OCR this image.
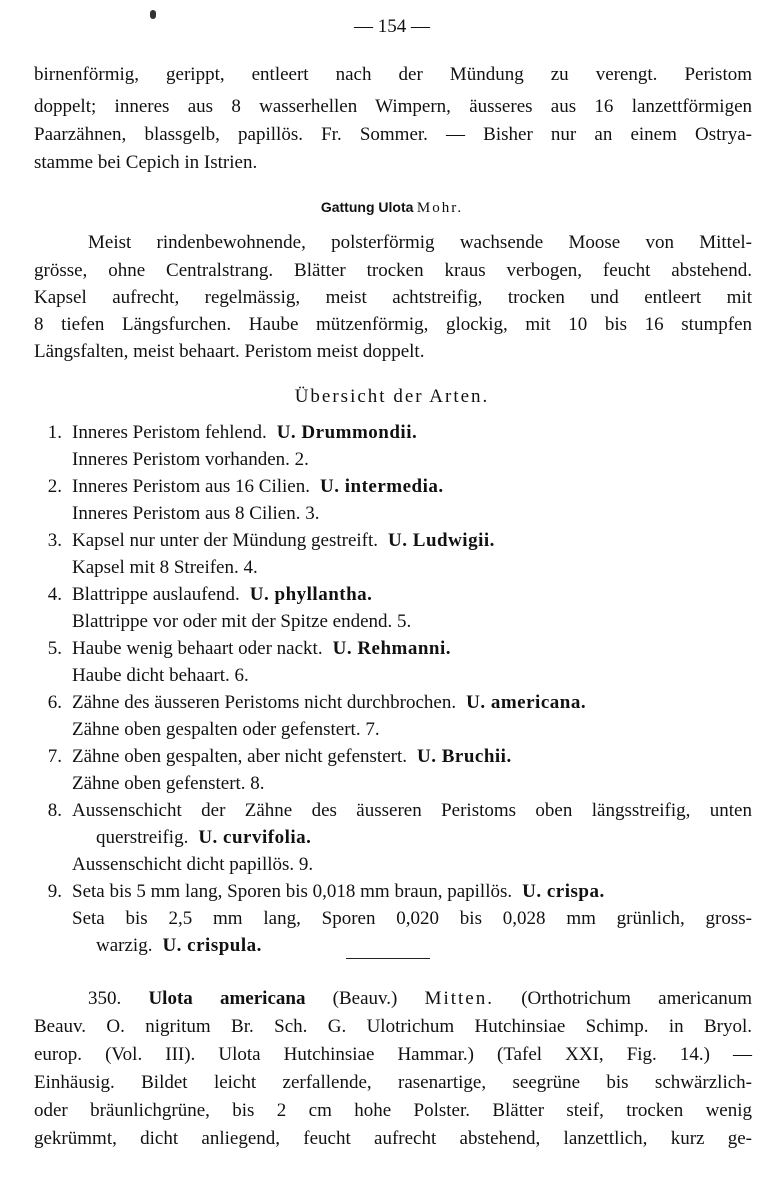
— 154 —
birnenförmig, gerippt, entleert nach der Mündung zu verengt. Peristom
doppelt; inneres aus 8 wasserhellen Wimpern, äusseres aus 16 lanzettförmigen
Paarzähnen, blassgelb, papillös. Fr. Sommer. — Bisher nur an einem Ostrya-
stamme bei Cepich in Istrien.
Gattung Ulota Mohr.
Meist rindenbewohnende, polsterförmig wachsende Moose von Mittel-
grösse, ohne Centralstrang. Blätter trocken kraus verbogen, feucht abstehend.
Kapsel aufrecht, regelmässig, meist achtstreifig, trocken und entleert mit
8 tiefen Längsfurchen. Haube mützenförmig, glockig, mit 10 bis 16 stumpfen
Längsfalten, meist behaart. Peristom meist doppelt.
Übersicht der Arten.
1. Inneres Peristom fehlend. U. Drummondii.
Inneres Peristom vorhanden. 2.
2. Inneres Peristom aus 16 Cilien. U. intermedia.
Inneres Peristom aus 8 Cilien. 3.
3. Kapsel nur unter der Mündung gestreift. U. Ludwigii.
Kapsel mit 8 Streifen. 4.
4. Blattrippe auslaufend. U. phyllantha.
Blattrippe vor oder mit der Spitze endend. 5.
5. Haube wenig behaart oder nackt. U. Rehmanni.
Haube dicht behaart. 6.
6. Zähne des äusseren Peristoms nicht durchbrochen. U. americana.
Zähne oben gespalten oder gefenstert. 7.
7. Zähne oben gespalten, aber nicht gefenstert. U. Bruchii.
Zähne oben gefenstert. 8.
8. Aussenschicht der Zähne des äusseren Peristoms oben längsstreifig, unten
querstreifig. U. curvifolia.
Aussenschicht dicht papillös. 9.
9. Seta bis 5 mm lang, Sporen bis 0,018 mm braun, papillös. U. crispa.
Seta bis 2,5 mm lang, Sporen 0,020 bis 0,028 mm grünlich, gross-
warzig. U. crispula.
350. Ulota americana (Beauv.) Mitten. (Orthotrichum americanum
Beauv. O. nigritum Br. Sch. G. Ulotrichum Hutchinsiae Schimp. in Bryol.
europ. (Vol. III). Ulota Hutchinsiae Hammar.) (Tafel XXI, Fig. 14.) —
Einhäusig. Bildet leicht zerfallende, rasenartige, seegrüne bis schwärzlich-
oder bräunlichgrüne, bis 2 cm hohe Polster. Blätter steif, trocken wenig
gekrümmt, dicht anliegend, feucht aufrecht abstehend, lanzettlich, kurz ge-
